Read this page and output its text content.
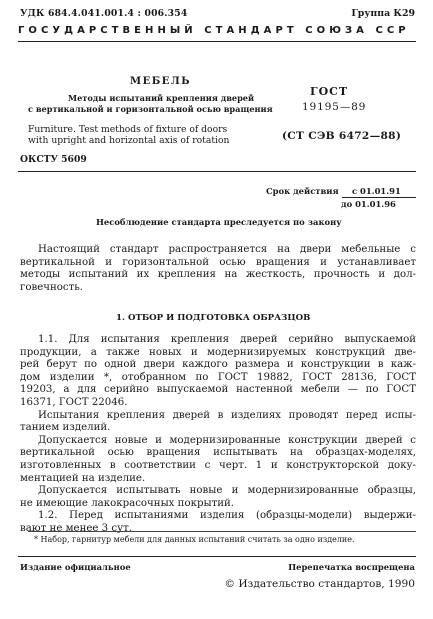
УДК 684.4.041.001.4 : 006.354	Группа К29
ГОСУДАРСТВЕННЫЙ СТАНДАРТ СОЮЗА ССР
МЕБЕЛЬ
Методы испытаний крепления дверей
с вертикальной и горизонтальной осью вращения
Furniture. Test methods of fixture of doors
with upright and horizontal axis of rotation
ГОСТ
19195—89
(СТ СЭВ 6472—88)
ОКСТУ 5609
Срок действия с 01.01.91
до 01.01.96
Несоблюдение стандарта преследуется по закону
Настоящий стандарт распространяется на двери мебельные с
вертикальной и горизонтальной осью вращения и устанавливает
методы испытаний их крепления на жесткость, прочность и дол-
говечность.
1. ОТБОР И ПОДГОТОВКА ОБРАЗЦОВ
1.1. Для испытания крепления дверей серийно выпускаемой
продукции, а также новых и модернизируемых конструкций две-
рей берут по одной двери каждого размера и конструкции в каж-
дом изделии *, отобранном по ГОСТ 19882, ГОСТ 28136, ГОСТ
19203, а для серийно выпускаемой настенной мебели — по ГОСТ
16371, ГОСТ 22046.
Испытания крепления дверей в изделиях проводят перед испы-
танием изделий.
Допускается новые и модернизированные конструкции дверей с
вертикальной осью вращения испытывать на образцах-моделях,
изготовленных в соответствии с черт. 1 и конструкторской доку-
ментацией на изделие.
Допускается испытывать новые и модернизированные образцы,
не имеющие лакокрасочных покрытий.
1.2. Перед испытаниями изделия (образцы-модели) выдержи-
вают не менее 3 сут.
* Набор, гарнитур мебели для данных испытаний считать за одно изделие.
Издание официальное	Перепечатка воспрещена
© Издательство стандартов, 1990
